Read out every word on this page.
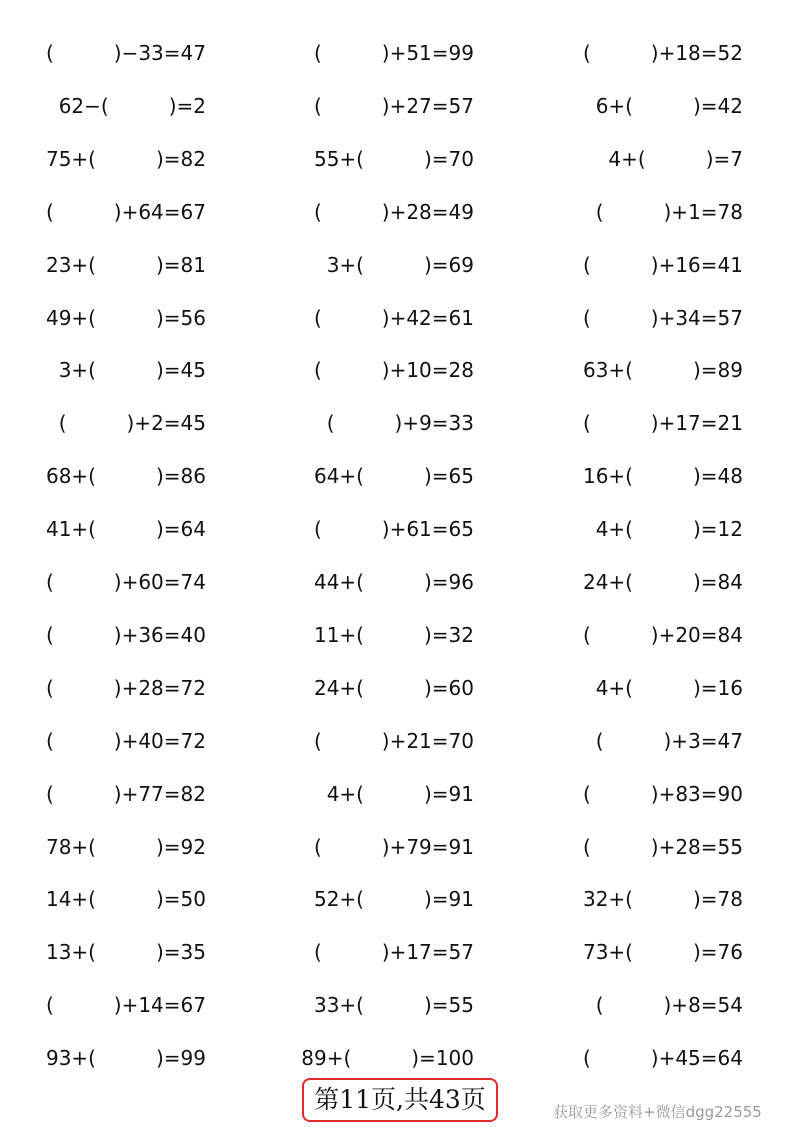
(　　　)−33=47	(　　　)+51=99	(　　　)+18=52
62−(　　　)=2	(　　　)+27=57	6+(　　　)=42
75+(　　　)=82	55+(　　　)=70	4+(　　　)=7
(　　　)+64=67	(　　　)+28=49	(　　　)+1=78
23+(　　　)=81	3+(　　　)=69	(　　　)+16=41
49+(　　　)=56	(　　　)+42=61	(　　　)+34=57
3+(　　　)=45	(　　　)+10=28	63+(　　　)=89
(　　　)+2=45	(　　　)+9=33	(　　　)+17=21
68+(　　　)=86	64+(　　　)=65	16+(　　　)=48
41+(　　　)=64	(　　　)+61=65	4+(　　　)=12
(　　　)+60=74	44+(　　　)=96	24+(　　　)=84
(　　　)+36=40	11+(　　　)=32	(　　　)+20=84
(　　　)+28=72	24+(　　　)=60	4+(　　　)=16
(　　　)+40=72	(　　　)+21=70	(　　　)+3=47
(　　　)+77=82	4+(　　　)=91	(　　　)+83=90
78+(　　　)=92	(　　　)+79=91	(　　　)+28=55
14+(　　　)=50	52+(　　　)=91	32+(　　　)=78
13+(　　　)=35	(　　　)+17=57	73+(　　　)=76
(　　　)+14=67	33+(　　　)=55	(　　　)+8=54
93+(　　　)=99	89+(　　　)=100	(　　　)+45=64
第11页,共43页	获取更多资料+微信dgg22555
